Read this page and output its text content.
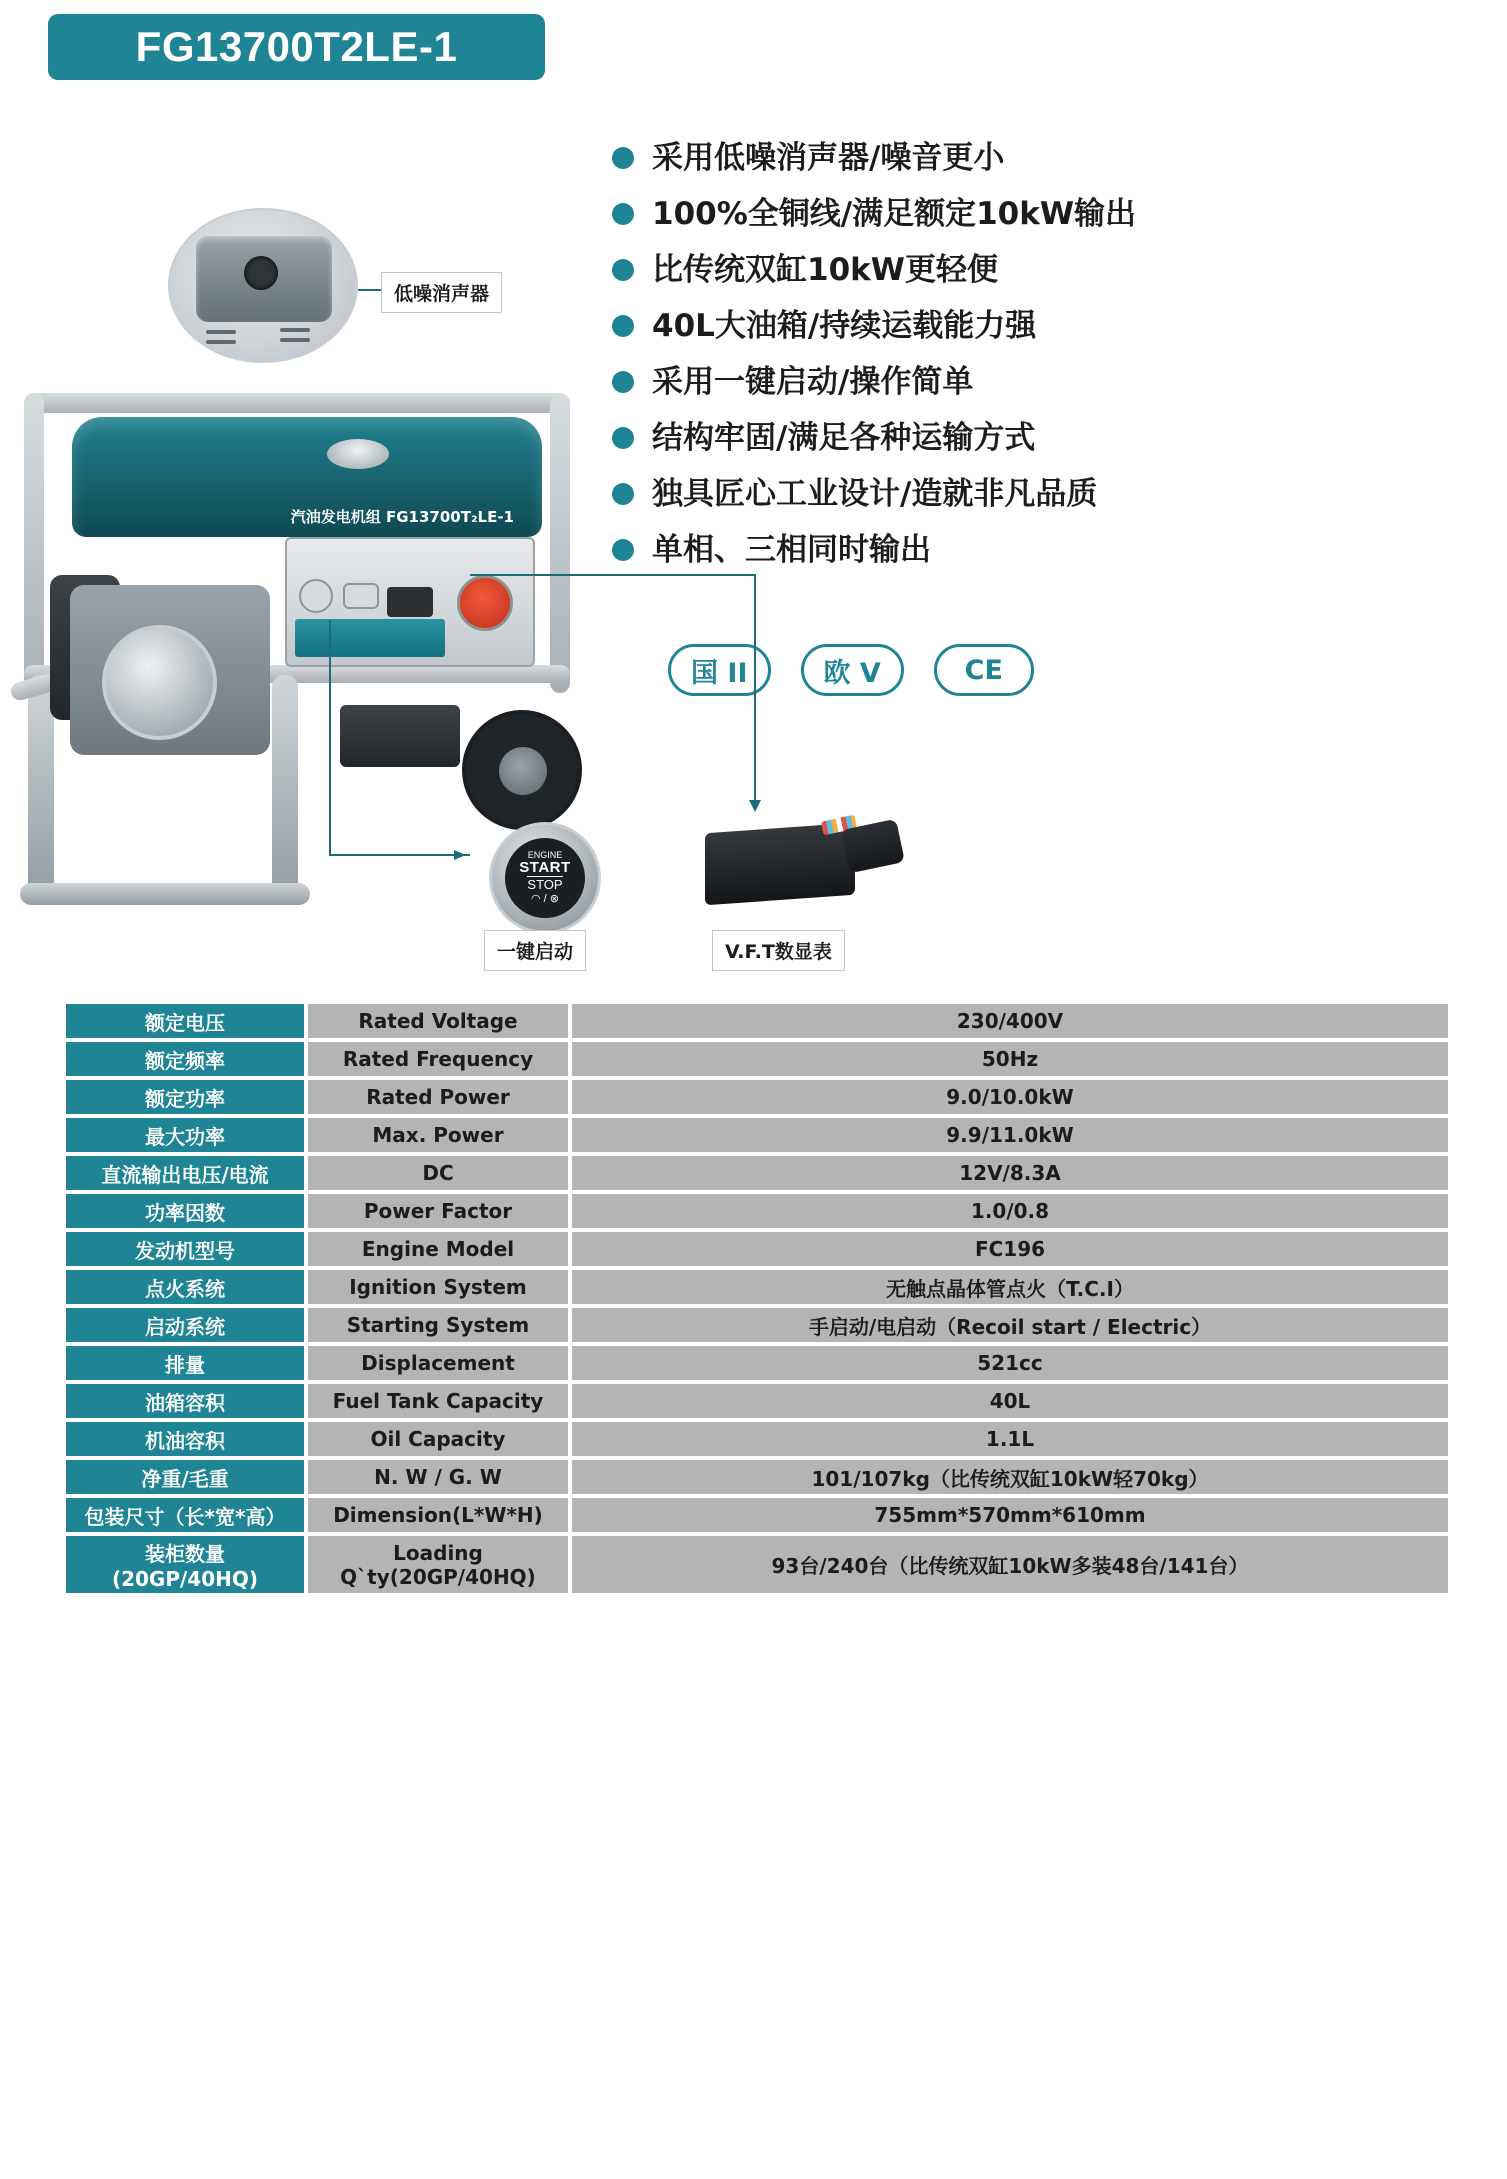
FG13700T2LE-1
采用低噪消声器/噪音更小
100%全铜线/满足额定10kW输出
比传统双缸10kW更轻便
40L大油箱/持续运载能力强
采用一键启动/操作简单
结构牢固/满足各种运输方式
独具匠心工业设计/造就非凡品质
单相、三相同时输出
国 II	欧 V	CE
汽油发电机组 FG13700T₂LE-1
低噪消声器
ENGINE
START
STOP
◠ / ⊗
一键启动	V.F.T数显表
额定电压	Rated Voltage	230/400V
额定频率	Rated Frequency	50Hz
额定功率	Rated Power	9.0/10.0kW
最大功率	Max. Power	9.9/11.0kW
直流输出电压/电流	DC	12V/8.3A
功率因数	Power Factor	1.0/0.8
发动机型号	Engine Model	FC196
点火系统	Ignition System	无触点晶体管点火（T.C.I）
启动系统	Starting System	手启动/电启动（Recoil start / Electric）
排量	Displacement	521cc
油箱容积	Fuel Tank Capacity	40L
机油容积	Oil Capacity	1.1L
净重/毛重	N. W / G. W	101/107kg（比传统双缸10kW轻70kg）
包装尺寸（长*宽*高）	Dimension(L*W*H)	755mm*570mm*610mm
装柜数量(20GP/40HQ)	Loading Q`ty(20GP/40HQ)	93台/240台（比传统双缸10kW多装48台/141台）
